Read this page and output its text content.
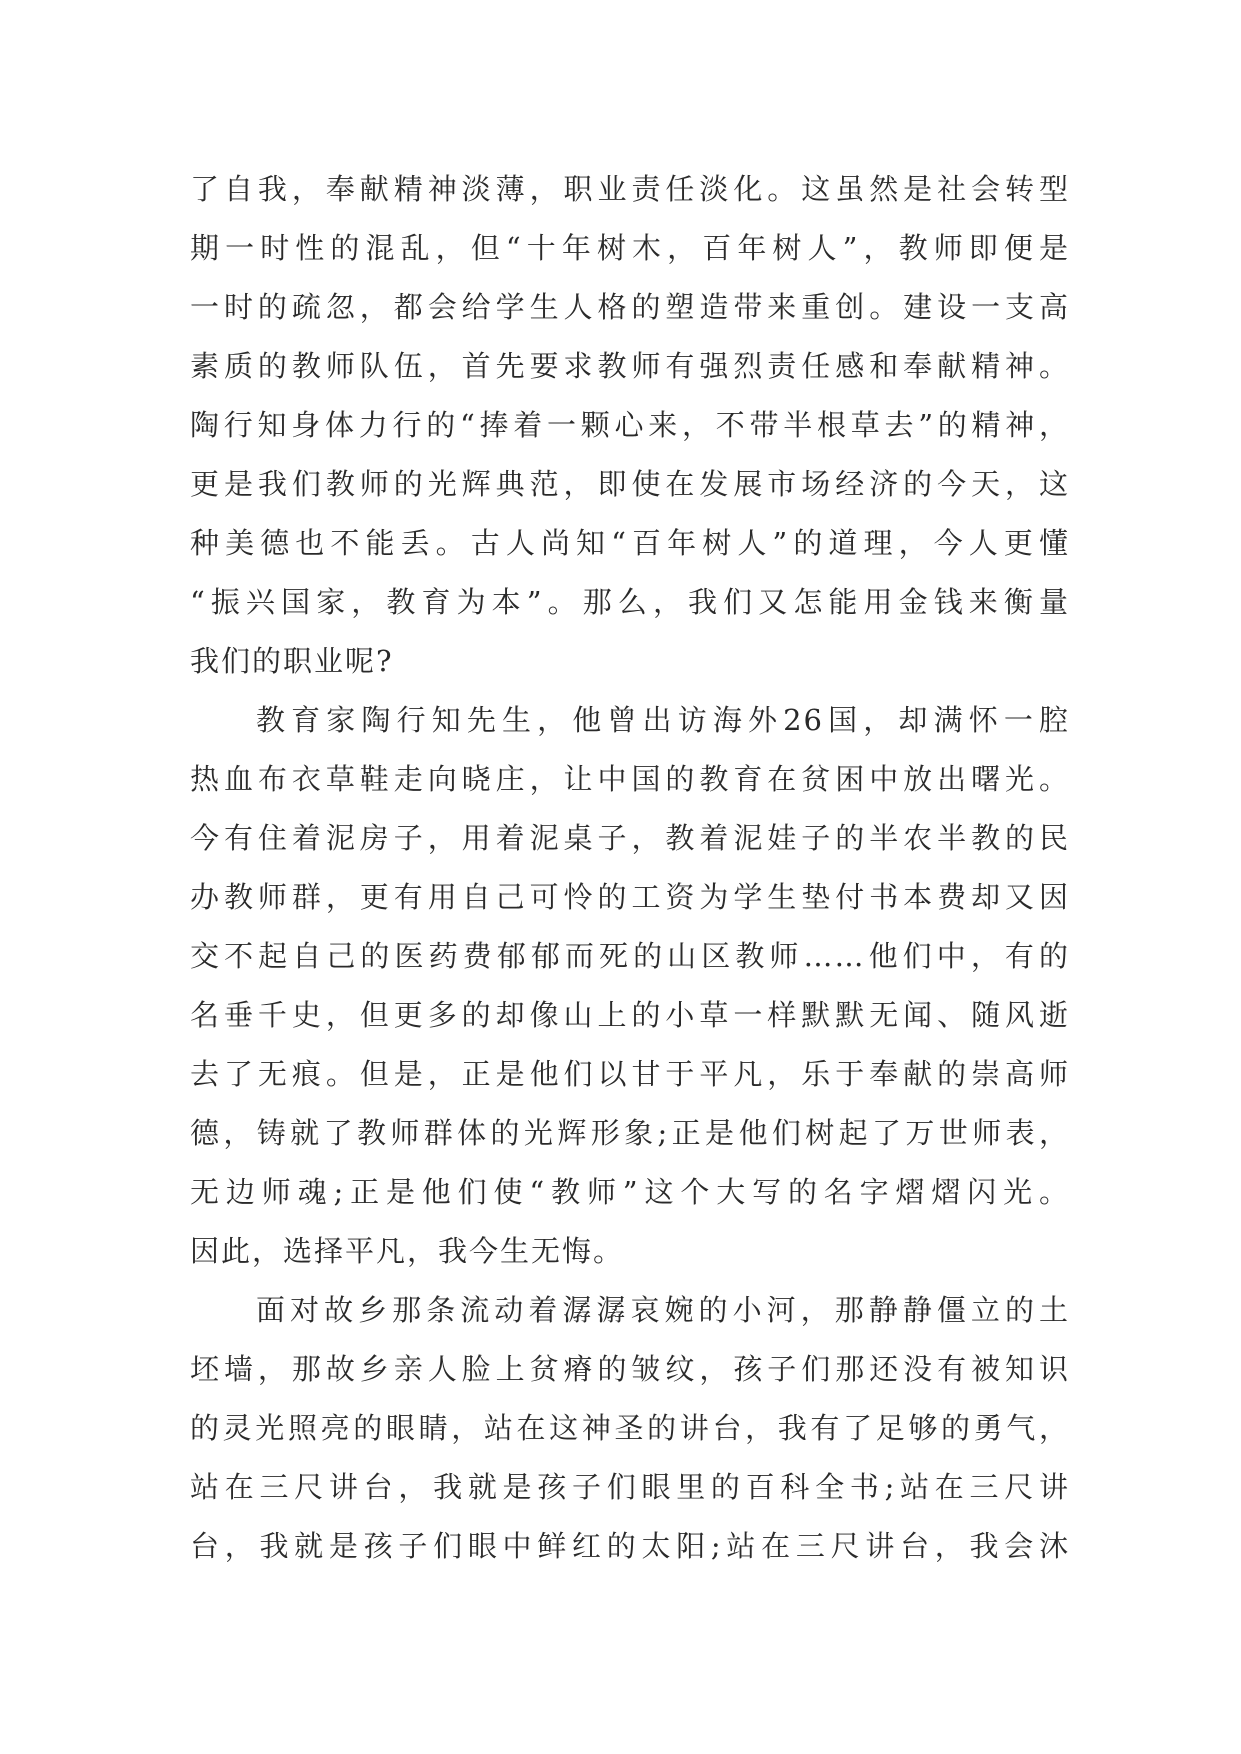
了自我，奉献精神淡薄，职业责任淡化。这虽然是社会转型
期一时性的混乱，但“十年树木，百年树人”，教师即便是
一时的疏忽，都会给学生人格的塑造带来重创。建设一支高
素质的教师队伍，首先要求教师有强烈责任感和奉献精神。
陶行知身体力行的“捧着一颗心来，不带半根草去”的精神，
更是我们教师的光辉典范，即使在发展市场经济的今天，这
种美德也不能丢。古人尚知“百年树人”的道理，今人更懂
“振兴国家，教育为本”。那么，我们又怎能用金钱来衡量
我们的职业呢?
教育家陶行知先生，他曾出访海外26国，却满怀一腔
热血布衣草鞋走向晓庄，让中国的教育在贫困中放出曙光。
今有住着泥房子，用着泥桌子，教着泥娃子的半农半教的民
办教师群，更有用自己可怜的工资为学生垫付书本费却又因
交不起自己的医药费郁郁而死的山区教师……他们中，有的
名垂千史，但更多的却像山上的小草一样默默无闻、随风逝
去了无痕。但是，正是他们以甘于平凡，乐于奉献的崇高师
德，铸就了教师群体的光辉形象;正是他们树起了万世师表，
无边师魂;正是他们使“教师”这个大写的名字熠熠闪光。
因此，选择平凡，我今生无悔。
面对故乡那条流动着潺潺哀婉的小河，那静静僵立的土
坯墙，那故乡亲人脸上贫瘠的皱纹，孩子们那还没有被知识
的灵光照亮的眼睛，站在这神圣的讲台，我有了足够的勇气，
站在三尺讲台，我就是孩子们眼里的百科全书;站在三尺讲
台，我就是孩子们眼中鲜红的太阳;站在三尺讲台，我会沐
